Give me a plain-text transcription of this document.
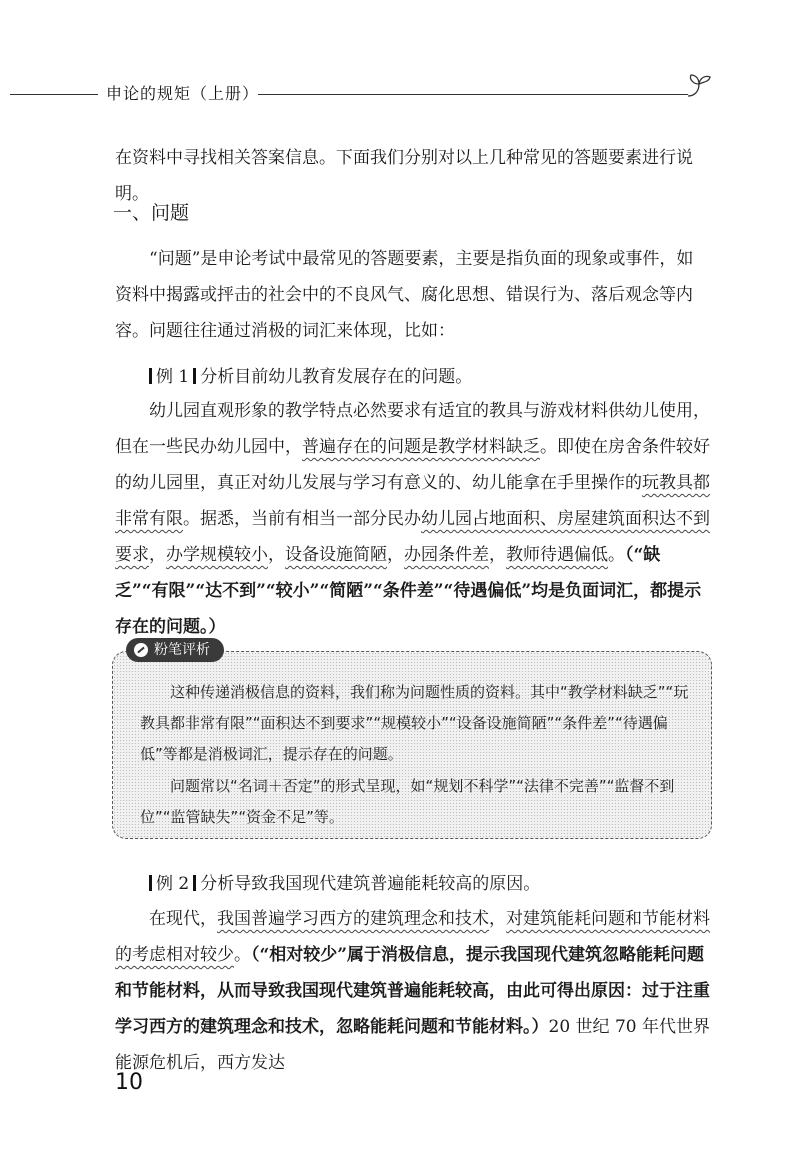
申论的规矩（上册）

在资料中寻找相关答案信息。下面我们分别对以上几种常见的答题要素进行说明。

一、问题

“问题”是申论考试中最常见的答题要素，主要是指负面的现象或事件，如资料中揭露或抨击的社会中的不良风气、腐化思想、错误行为、落后观念等内容。问题往往通过消极的词汇来体现，比如：

例 1 分析目前幼儿教育发展存在的问题。

幼儿园直观形象的教学特点必然要求有适宜的教具与游戏材料供幼儿使用，但在一些民办幼儿园中，普遍存在的问题是教学材料缺乏。即使在房舍条件较好的幼儿园里，真正对幼儿发展与学习有意义的、幼儿能拿在手里操作的玩教具都非常有限。据悉，当前有相当一部分民办幼儿园占地面积、房屋建筑面积达不到要求，办学规模较小，设备设施简陋，办园条件差，教师待遇偏低。（“缺乏”“有限”“达不到”“较小”“简陋”“条件差”“待遇偏低”均是负面词汇，都提示存在的问题。）

粉笔评析

这种传递消极信息的资料，我们称为问题性质的资料。其中“教学材料缺乏”“玩教具都非常有限”“面积达不到要求”“规模较小”“设备设施简陋”“条件差”“待遇偏低”等都是消极词汇，提示存在的问题。

问题常以“名词＋否定”的形式呈现，如“规划不科学”“法律不完善”“监督不到位”“监管缺失”“资金不足”等。

例 2 分析导致我国现代建筑普遍能耗较高的原因。

在现代，我国普遍学习西方的建筑理念和技术，对建筑能耗问题和节能材料的考虑相对较少。（“相对较少”属于消极信息，提示我国现代建筑忽略能耗问题和节能材料，从而导致我国现代建筑普遍能耗较高，由此可得出原因：过于注重学习西方的建筑理念和技术，忽略能耗问题和节能材料。）20 世纪 70 年代世界能源危机后，西方发达

10
